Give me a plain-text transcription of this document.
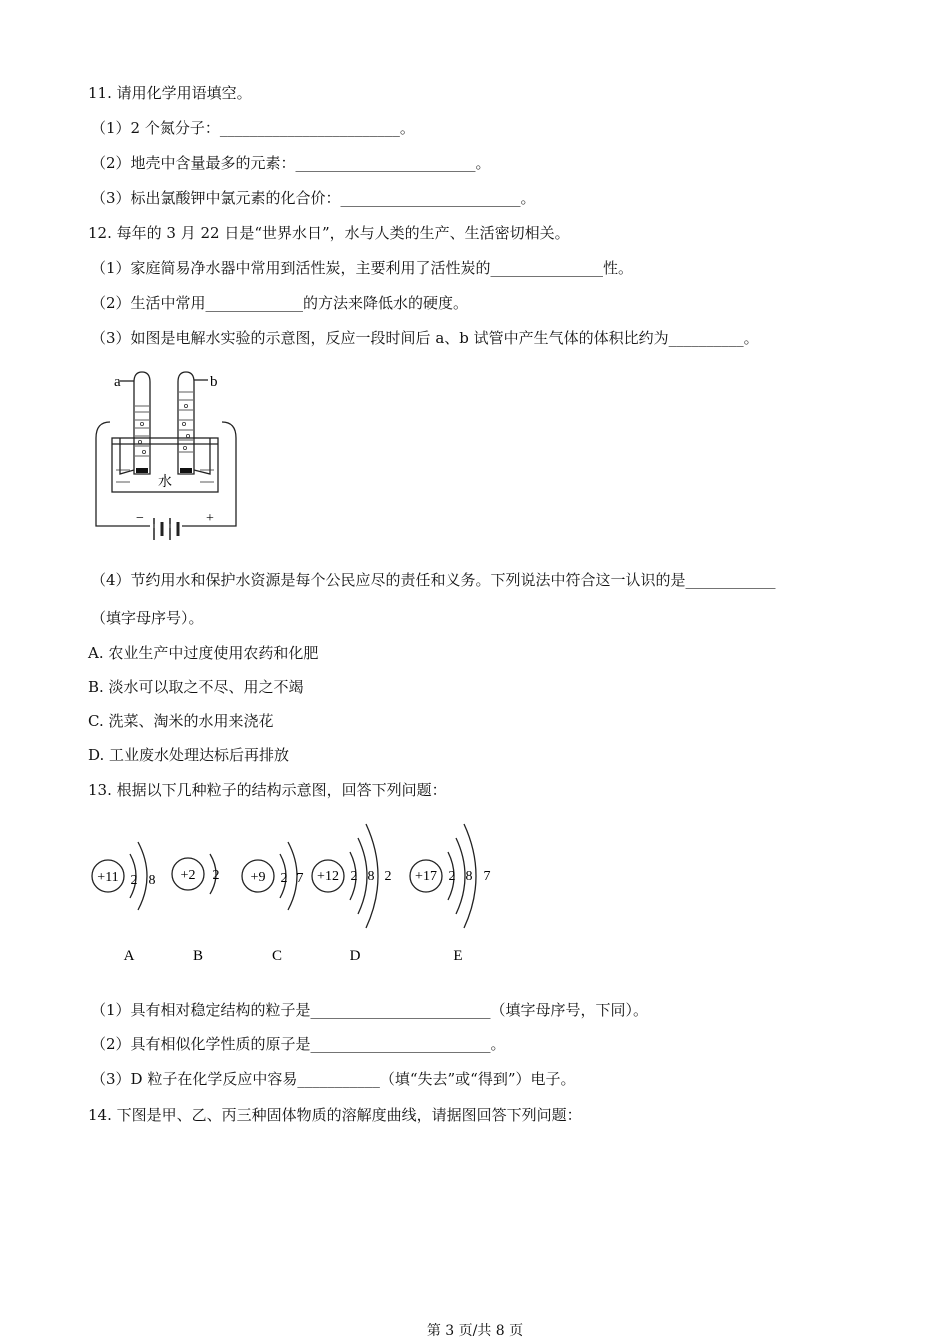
11. 请用化学用语填空。
（1）2 个氮分子：________________________。
（2）地壳中含量最多的元素：________________________。
（3）标出氯酸钾中氯元素的化合价：________________________。
12. 每年的 3 月 22 日是“世界水日”，水与人类的生产、生活密切相关。
（1）家庭简易净水器中常用到活性炭，主要利用了活性炭的_______________性。
（2）生活中常用_____________的方法来降低水的硬度。
（3）如图是电解水实验的示意图，反应一段时间后 a、b 试管中产生气体的体积比约为__________。
a	b
水
−	+
（4）节约用水和保护水资源是每个公民应尽的责任和义务。下列说法中符合这一认识的是____________
（填字母序号）。
A. 农业生产中过度使用农药和化肥
B. 淡水可以取之不尽、用之不竭
C. 洗菜、淘米的水用来浇花
D. 工业废水处理达标后再排放
13. 根据以下几种粒子的结构示意图，回答下列问题：
+11 2 8 +2 2 +9 2 7 +12 2 8 2 +17 2 8 7
A	B	C	D	E
（1）具有相对稳定结构的粒子是________________________（填字母序号，下同）。
（2）具有相似化学性质的原子是________________________。
（3）D 粒子在化学反应中容易___________（填“失去”或“得到”）电子。
14. 下图是甲、乙、丙三种固体物质的溶解度曲线，请据图回答下列问题：
第 3 页/共 8 页
